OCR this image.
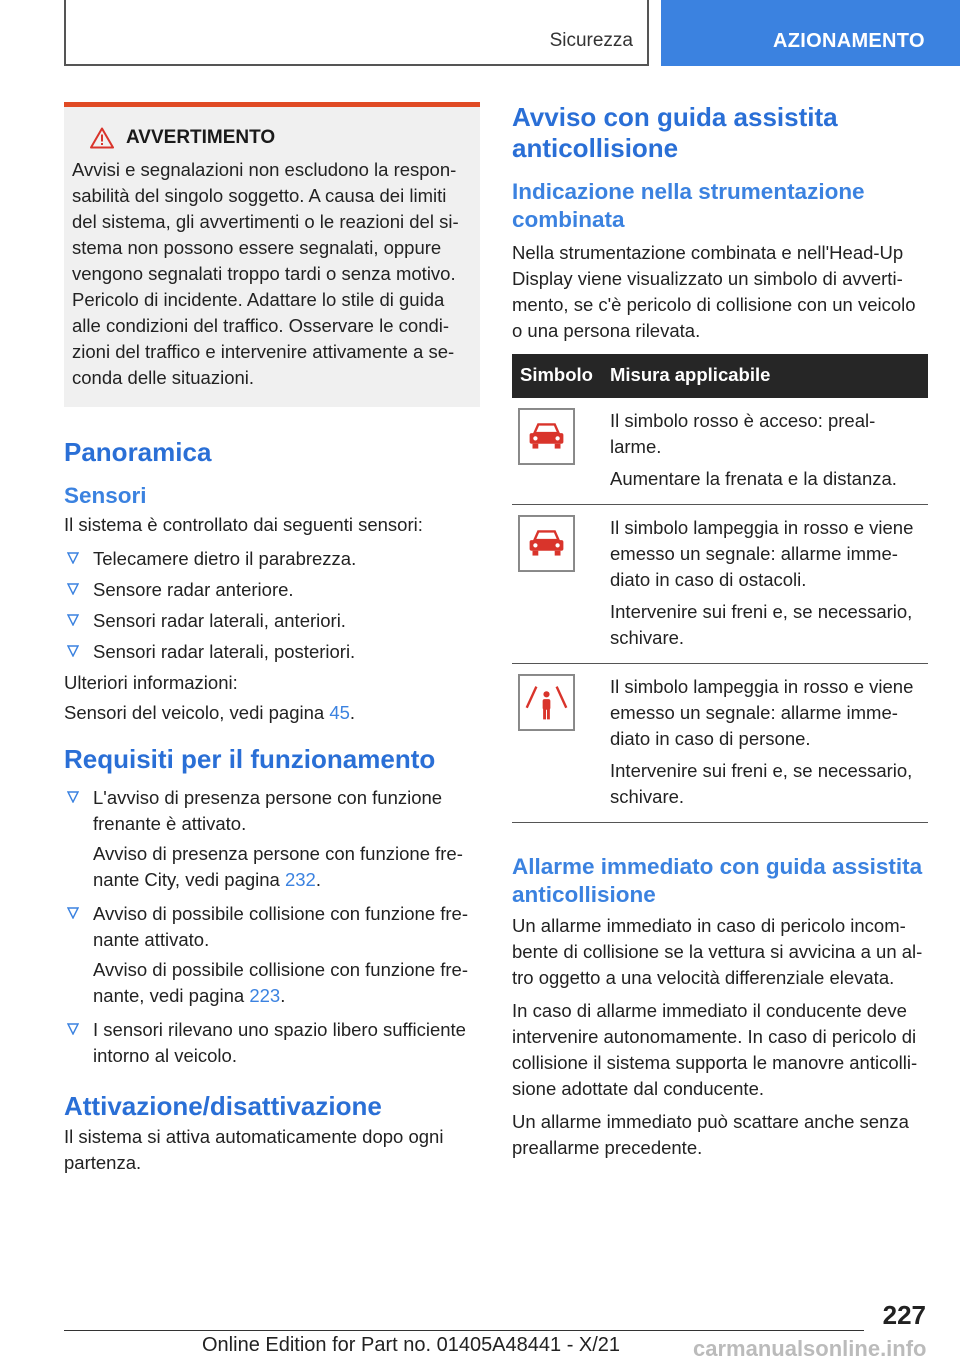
Sicurezza	AZIONAMENTO
AVVERTIMENTO
Avvisi e segnalazioni non escludono la responsabilità del singolo soggetto. A causa dei limiti del sistema, gli avvertimenti o le reazioni del sistema non possono essere segnalati, oppure vengono segnalati troppo tardi o senza motivo. Pericolo di incidente. Adattare lo stile di guida alle condizioni del traffico. Osservare le condizioni del traffico e intervenire attivamente a seconda delle situazioni.
Panoramica
Sensori
Il sistema è controllato dai seguenti sensori:
Telecamere dietro il parabrezza.
Sensore radar anteriore.
Sensori radar laterali, anteriori.
Sensori radar laterali, posteriori.
Ulteriori informazioni:
Sensori del veicolo, vedi pagina 45.
Requisiti per il funzionamento
L'avviso di presenza persone con funzione frenante è attivato.
Avviso di presenza persone con funzione frenante City, vedi pagina 232.
Avviso di possibile collisione con funzione frenante attivato.
Avviso di possibile collisione con funzione frenante, vedi pagina 223.
I sensori rilevano uno spazio libero sufficiente intorno al veicolo.
Attivazione/disattivazione
Il sistema si attiva automaticamente dopo ogni partenza.
Avviso con guida assistita anticollisione
Indicazione nella strumentazione combinata
Nella strumentazione combinata e nell'Head-Up Display viene visualizzato un simbolo di avvertimento, se c'è pericolo di collisione con un veicolo o una persona rilevata.
Simbolo	Misura applicabile

Il simbolo rosso è acceso: preallarme.
Aumentare la frenata e la distanza.

Il simbolo lampeggia in rosso e viene emesso un segnale: allarme immediato in caso di ostacoli.
Intervenire sui freni e, se necessario, schivare.

Il simbolo lampeggia in rosso e viene emesso un segnale: allarme immediato in caso di persone.
Intervenire sui freni e, se necessario, schivare.
Allarme immediato con guida assistita anticollisione
Un allarme immediato in caso di pericolo incombente di collisione se la vettura si avvicina a un altro oggetto a una velocità differenziale elevata.
In caso di allarme immediato il conducente deve intervenire autonomamente. In caso di pericolo di collisione il sistema supporta le manovre anticollisione adottate dal conducente.
Un allarme immediato può scattare anche senza preallarme precedente.
227
Online Edition for Part no. 01405A48441 - X/21	carmanualsonline.info
